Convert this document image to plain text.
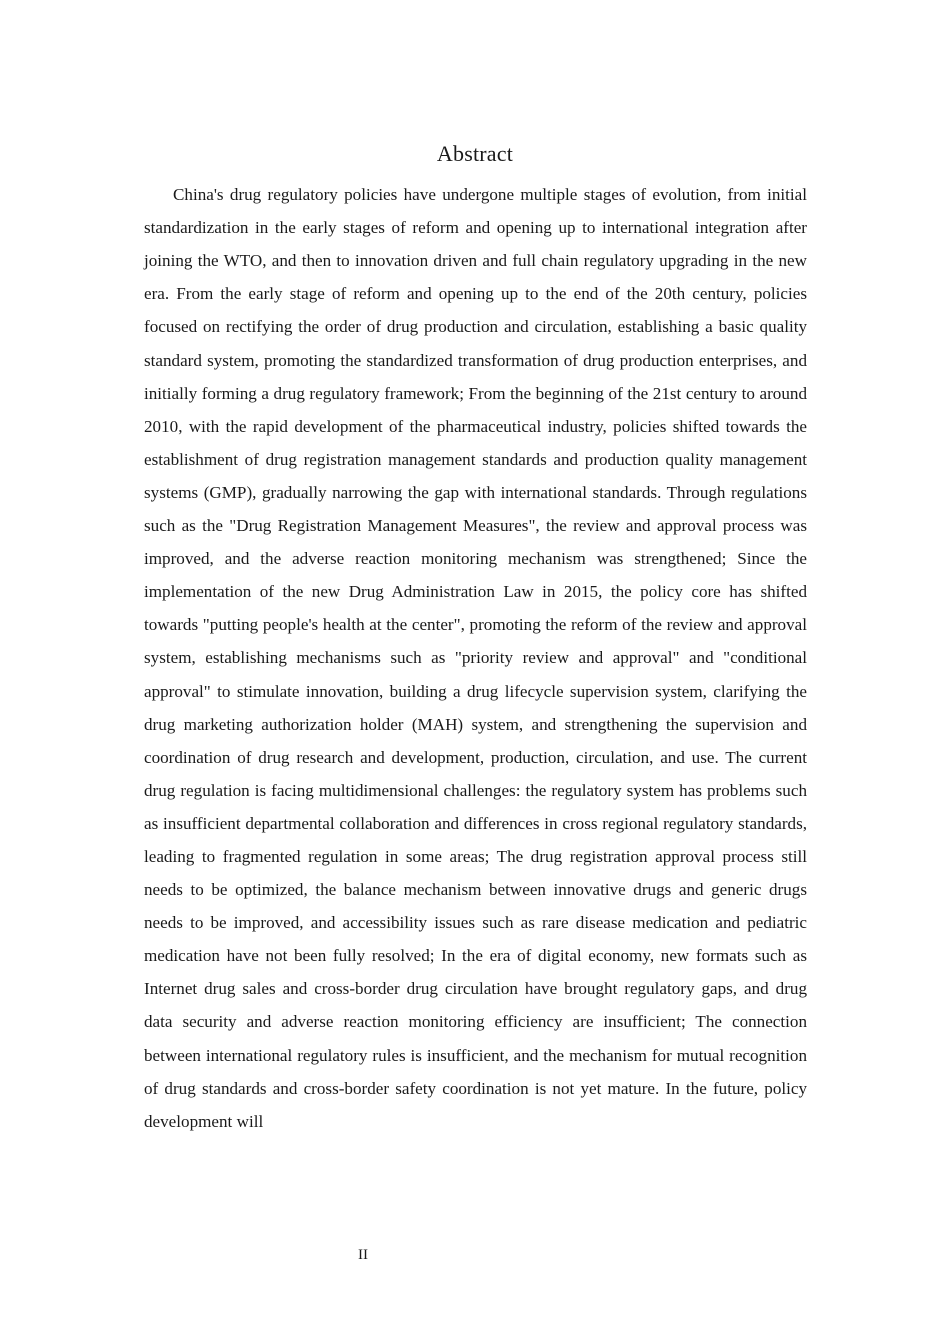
Abstract

China's drug regulatory policies have undergone multiple stages of evolution, from initial standardization in the early stages of reform and opening up to international integration after joining the WTO, and then to innovation driven and full chain regulatory upgrading in the new era. From the early stage of reform and opening up to the end of the 20th century, policies focused on rectifying the order of drug production and circulation, establishing a basic quality standard system, promoting the standardized transformation of drug production enterprises, and initially forming a drug regulatory framework; From the beginning of the 21st century to around 2010, with the rapid development of the pharmaceutical industry, policies shifted towards the establishment of drug registration management standards and production quality management systems (GMP), gradually narrowing the gap with international standards. Through regulations such as the "Drug Registration Management Measures", the review and approval process was improved, and the adverse reaction monitoring mechanism was strengthened; Since the implementation of the new Drug Administration Law in 2015, the policy core has shifted towards "putting people's health at the center", promoting the reform of the review and approval system, establishing mechanisms such as "priority review and approval" and "conditional approval" to stimulate innovation, building a drug lifecycle supervision system, clarifying the drug marketing authorization holder (MAH) system, and strengthening the supervision and coordination of drug research and development, production, circulation, and use. The current drug regulation is facing multidimensional challenges: the regulatory system has problems such as insufficient departmental collaboration and differences in cross regional regulatory standards, leading to fragmented regulation in some areas; The drug registration approval process still needs to be optimized, the balance mechanism between innovative drugs and generic drugs needs to be improved, and accessibility issues such as rare disease medication and pediatric medication have not been fully resolved; In the era of digital economy, new formats such as Internet drug sales and cross-border drug circulation have brought regulatory gaps, and drug data security and adverse reaction monitoring efficiency are insufficient; The connection between international regulatory rules is insufficient, and the mechanism for mutual recognition of drug standards and cross-border safety coordination is not yet mature. In the future, policy development will

II
